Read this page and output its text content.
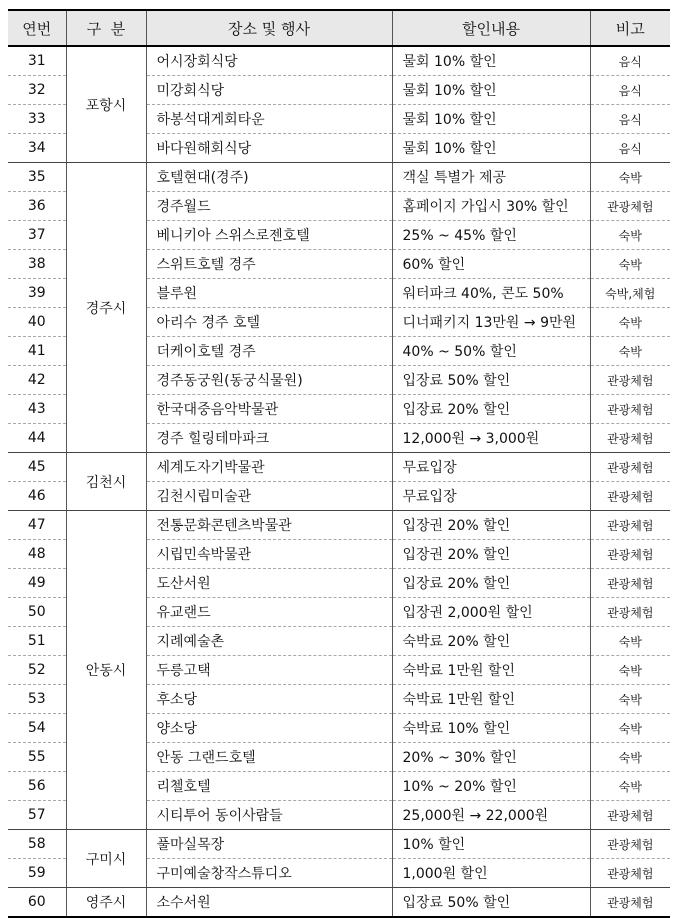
연번	구  분	장소 및 행사	할인내용	비고
31	포항시	어시장회식당	물회 10% 할인	음식
32		미강회식당	물회 10% 할인	음식
33		하봉석대게회타운	물회 10% 할인	음식
34		바다원해회식당	물회 10% 할인	음식
35	경주시	호텔현대(경주)	객실 특별가 제공	숙박
36		경주월드	홈페이지 가입시 30% 할인	관광체험
37		베니키아 스위스로젠호텔	25% ~ 45% 할인	숙박
38		스위트호텔 경주	60% 할인	숙박
39		블루원	워터파크 40%, 콘도 50%	숙박,체험
40		아리수 경주 호텔	디너패키지 13만원 → 9만원	숙박
41		더케이호텔 경주	40% ~ 50% 할인	숙박
42		경주동궁원(동궁식물원)	입장료 50% 할인	관광체험
43		한국대중음악박물관	입장료 20% 할인	관광체험
44		경주 힐링테마파크	12,000원 → 3,000원	관광체험
45	김천시	세계도자기박물관	무료입장	관광체험
46		김천시립미술관	무료입장	관광체험
47	안동시	전통문화콘텐츠박물관	입장권 20% 할인	관광체험
48		시립민속박물관	입장권 20% 할인	관광체험
49		도산서원	입장료 20% 할인	관광체험
50		유교랜드	입장권 2,000원 할인	관광체험
51		지례예술촌	숙박료 20% 할인	숙박
52		두릉고택	숙박료 1만원 할인	숙박
53		후소당	숙박료 1만원 할인	숙박
54		양소당	숙박료 10% 할인	숙박
55		안동 그랜드호텔	20% ~ 30% 할인	숙박
56		리첼호텔	10% ~ 20% 할인	숙박
57		시티투어 동이사람들	25,000원 → 22,000원	관광체험
58	구미시	풀마실목장	10% 할인	관광체험
59		구미예술창작스튜디오	1,000원 할인	관광체험
60	영주시	소수서원	입장료 50% 할인	관광체험
